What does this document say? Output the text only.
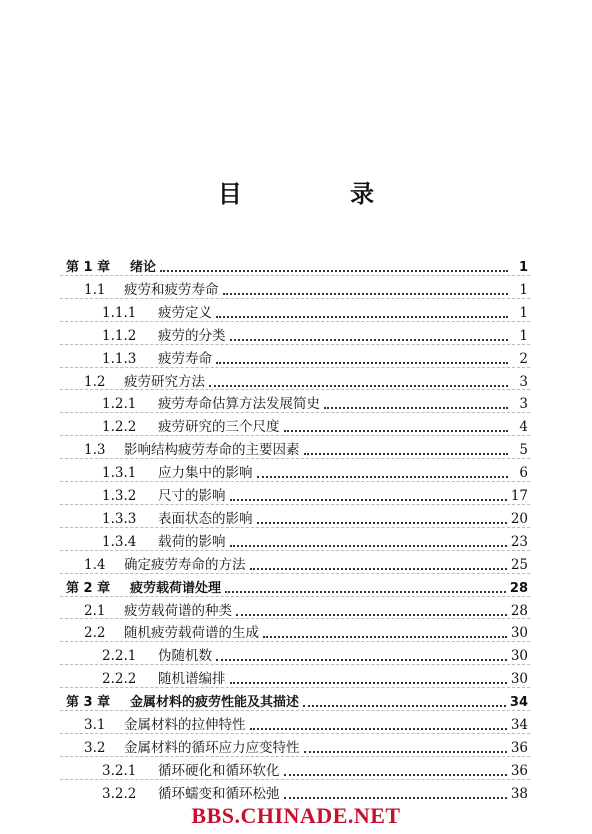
目 录
第 1 章	绪论	1
1.1	疲劳和疲劳寿命	1
1.1.1	疲劳定义	1
1.1.2	疲劳的分类	1
1.1.3	疲劳寿命	2
1.2	疲劳研究方法	3
1.2.1	疲劳寿命估算方法发展简史	3
1.2.2	疲劳研究的三个尺度	4
1.3	影响结构疲劳寿命的主要因素	5
1.3.1	应力集中的影响	6
1.3.2	尺寸的影响	17
1.3.3	表面状态的影响	20
1.3.4	载荷的影响	23
1.4	确定疲劳寿命的方法	25
第 2 章	疲劳载荷谱处理	28
2.1	疲劳载荷谱的种类	28
2.2	随机疲劳载荷谱的生成	30
2.2.1	伪随机数	30
2.2.2	随机谱编排	30
第 3 章	金属材料的疲劳性能及其描述	34
3.1	金属材料的拉伸特性	34
3.2	金属材料的循环应力应变特性	36
3.2.1	循环硬化和循环软化	36
3.2.2	循环蠕变和循环松弛	38
BBS.CHINADE.NET
